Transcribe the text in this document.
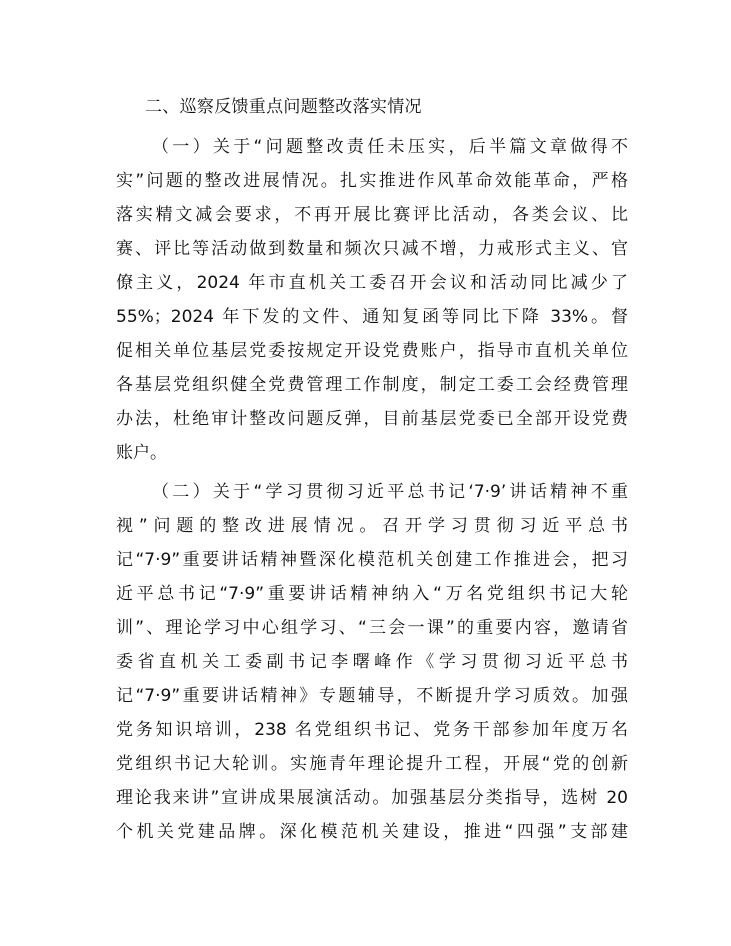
二、巡察反馈重点问题整改落实情况
（一）关于“问题整改责任未压实，后半篇文章做得不
实”问题的整改进展情况。扎实推进作风革命效能革命，严格
落实精文减会要求，不再开展比赛评比活动，各类会议、比
赛、评比等活动做到数量和频次只减不增，力戒形式主义、官
僚主义，2024 年市直机关工委召开会议和活动同比减少了
55%；2024 年下发的文件、通知复函等同比下降 33%。督
促相关单位基层党委按规定开设党费账户，指导市直机关单位
各基层党组织健全党费管理工作制度，制定工委工会经费管理
办法，杜绝审计整改问题反弹，目前基层党委已全部开设党费
账户。
（二）关于“学习贯彻习近平总书记‘7·9’讲话精神不重
视”问题的整改进展情况。召开学习贯彻习近平总书
记“7·9”重要讲话精神暨深化模范机关创建工作推进会，把习
近平总书记“7·9”重要讲话精神纳入“万名党组织书记大轮
训”、理论学习中心组学习、“三会一课”的重要内容，邀请省
委省直机关工委副书记李曙峰作《学习贯彻习近平总书
记“7·9”重要讲话精神》专题辅导，不断提升学习质效。加强
党务知识培训，238 名党组织书记、党务干部参加年度万名
党组织书记大轮训。实施青年理论提升工程，开展“党的创新
理论我来讲”宣讲成果展演活动。加强基层分类指导，选树 20
个机关党建品牌。深化模范机关建设，推进“四强”支部建
